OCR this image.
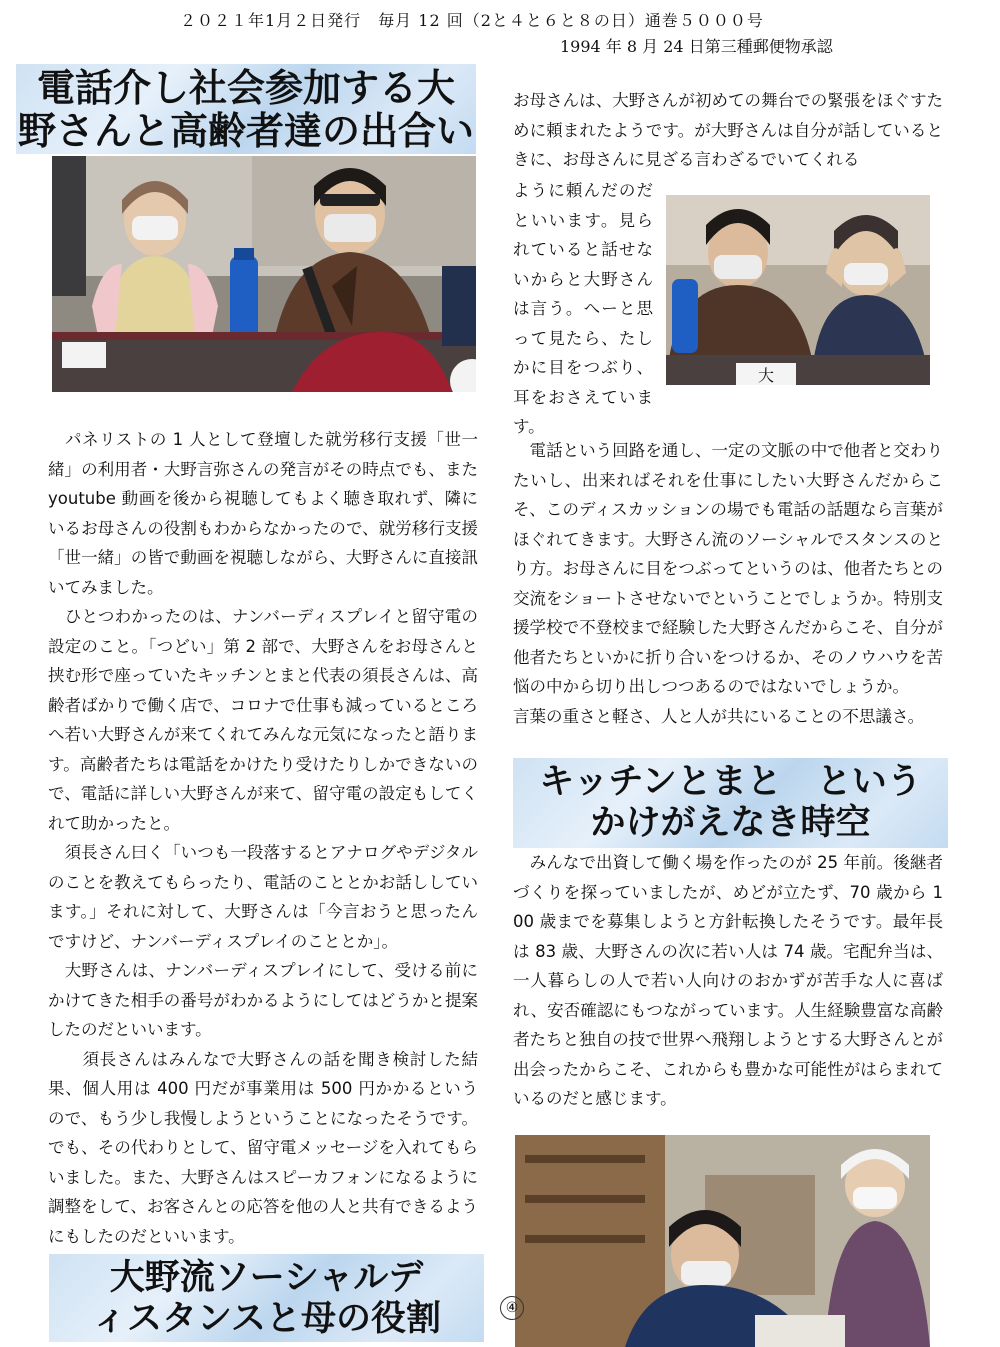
２０２１年1月２日発行　毎月 12 回（2と４と６と８の日）通巻５０００号
1994 年 8 月 24 日第三種郵便物承認
電話介し社会参加する大
野さんと高齢者達の出合い

　パネリストの 1 人として登壇した就労移行支援「世一緒」の利用者・大野言弥さんの発言がその時点でも、また youtube 動画を後から視聴してもよく聴き取れず、隣にいるお母さんの役割もわからなかったので、就労移行支援「世一緒」の皆で動画を視聴しながら、大野さんに直接訊いてみました。

　ひとつわかったのは、ナンバーディスプレイと留守電の設定のこと。「つどい」第 2 部で、大野さんをお母さんと挟む形で座っていたキッチンとまと代表の須長さんは、高齢者ばかりで働く店で、コロナで仕事も減っているところへ若い大野さんが来てくれてみんな元気になったと語ります。高齢者たちは電話をかけたり受けたりしかできないので、電話に詳しい大野さんが来て、留守電の設定もしてくれて助かったと。

　須長さん曰く「いつも一段落するとアナログやデジタルのことを教えてもらったり、電話のこととかお話ししています。」それに対して、大野さんは「今言おうと思ったんですけど、ナンバーディスプレイのこととか」。

　大野さんは、ナンバーディスプレイにして、受ける前にかけてきた相手の番号がわかるようにしてはどうかと提案したのだといいます。

　　須長さんはみんなで大野さんの話を聞き検討した結果、個人用は 400 円だが事業用は 500 円かかるというので、もう少し我慢しようということになったそうです。でも、その代わりとして、留守電メッセージを入れてもらいました。また、大野さんはスピーカフォンになるように調整をして、お客さんとの応答を他の人と共有できるようにもしたのだといいます。

お母さんは、大野さんが初めての舞台での緊張をほぐすために頼まれたようです。が大野さんは自分が話しているときに、お母さんに見ざる言わざるでいてくれる

ように頼んだのだといいます。見られていると話せないからと大野さんは言う。へーと思って見たら、たしかに目をつぶり、耳をおさえています。

大

　電話という回路を通し、一定の文脈の中で他者と交わりたいし、出来ればそれを仕事にしたい大野さんだからこそ、このディスカッションの場でも電話の話題なら言葉がほぐれてきます。大野さん流のソーシャルでスタンスのとり方。お母さんに目をつぶってというのは、他者たちとの交流をショートさせないでということでしょうか。特別支援学校で不登校まで経験した大野さんだからこそ、自分が他者たちといかに折り合いをつけるか、そのノウハウを苦悩の中から切り出しつつあるのではないでしょうか。

言葉の重さと軽さ、人と人が共にいることの不思議さ。

キッチンとまと　という
かけがえなき時空

　みんなで出資して働く場を作ったのが 25 年前。後継者づくりを探っていましたが、めどが立たず、70 歳から 100 歳までを募集しようと方針転換したそうです。最年長は 83 歳、大野さんの次に若い人は 74 歳。宅配弁当は、一人暮らしの人で若い人向けのおかずが苦手な人に喜ばれ、安否確認にもつながっています。人生経験豊富な高齢者たちと独自の技で世界へ飛翔しようとする大野さんとが出会ったからこそ、これからも豊かな可能性がはらまれているのだと感じます。

大野流ソーシャルデ
ィスタンスと母の役割	④
